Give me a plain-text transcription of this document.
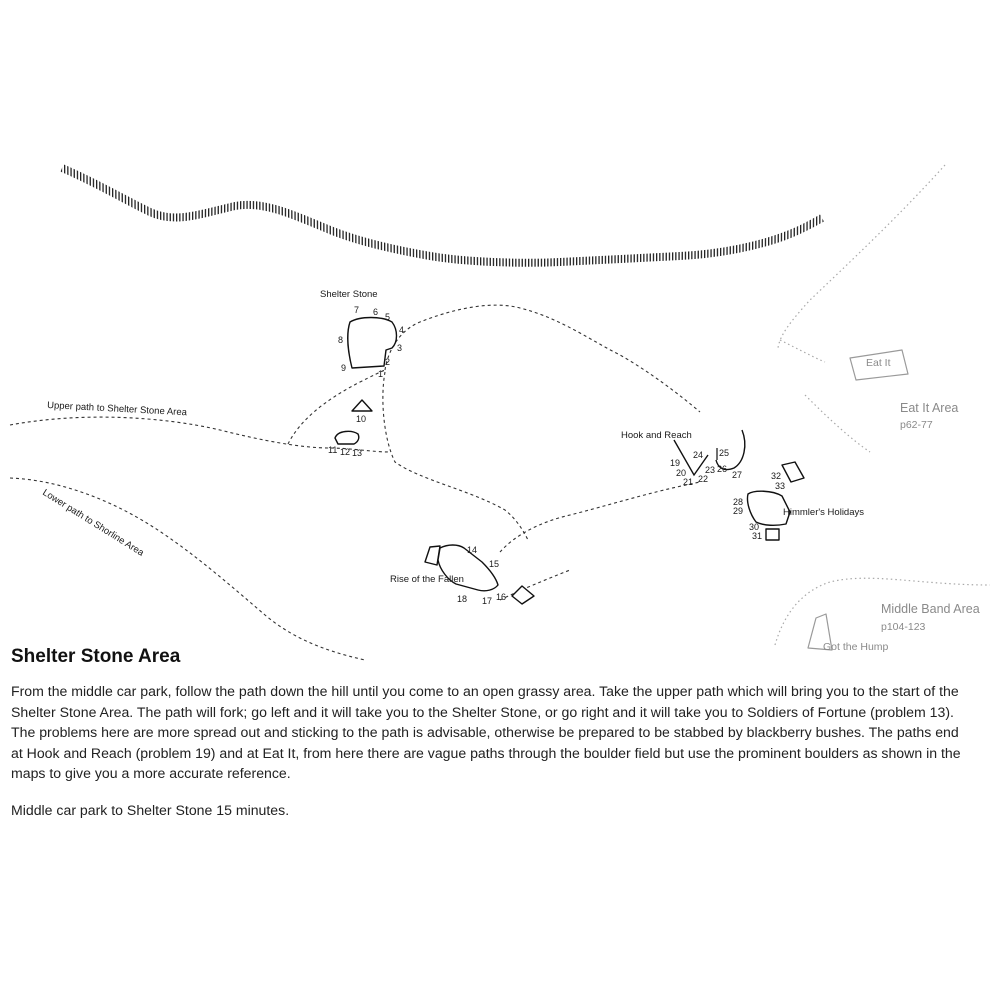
Upper path to Shelter Stone Area
Lower path to Shorline Area
Shelter Stone
7 6 5
4
8
3
2
9
1
10
11 12 13
14
15
Rise of the Fallen
18 17 16
Hook and Reach
24 25
19
23 26
27
20
22
21
32
33
28
29	Himmler's Holidays
30
31
Eat It
Eat It Area
p62-77
Middle Band Area
p104-123
Got the Hump
Shelter Stone Area

From the middle car park, follow the path down the hill until you come to an open grassy area. Take the upper path which will bring you to the start of the Shelter Stone Area. The path will fork; go left and it will take you to the Shelter Stone, or go right and it will take you to Soldiers of Fortune (problem 13). The problems here are more spread out and sticking to the path is advisable, otherwise be prepared to be stabbed by blackberry bushes. The paths end at Hook and Reach (problem 19) and at Eat It, from here there are vague paths through the boulder field but use the prominent boulders as shown in the maps to give you a more accurate reference.

Middle car park to Shelter Stone 15 minutes.
